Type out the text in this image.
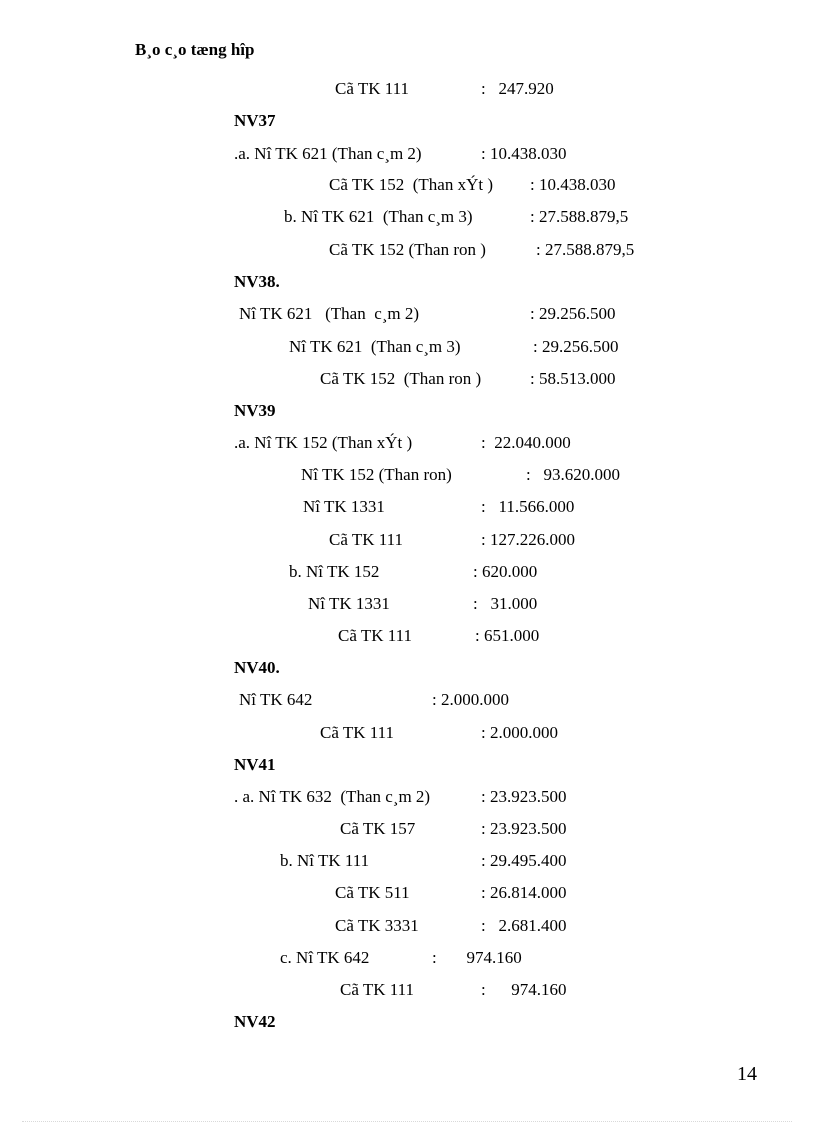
B¸o c¸o tæng hîp
Cã TK 111	:   247.920
NV37
.a. Nî TK 621 (Than c¸m 2)	: 10.438.030
Cã TK 152  (Than xÝt ) : 10.438.030
b. Nî TK 621  (Than c¸m 3)	: 27.588.879,5
Cã TK 152 (Than ron )	: 27.588.879,5
NV38.
Nî TK 621   (Than  c¸m 2)	: 29.256.500
Nî TK 621  (Than c¸m 3)	: 29.256.500
Cã TK 152  (Than ron )	: 58.513.000
NV39
.a. Nî TK 152 (Than xÝt )	:  22.040.000
Nî TK 152 (Than ron)	:   93.620.000
Nî TK 1331	:   11.566.000
Cã TK 111	: 127.226.000
b. Nî TK 152	: 620.000
Nî TK 1331	:   31.000
Cã TK 111	: 651.000
NV40.
Nî TK 642	: 2.000.000
Cã TK 111	: 2.000.000
NV41
. a. Nî TK 632  (Than c¸m 2)	: 23.923.500
Cã TK 157	: 23.923.500
b. Nî TK 111	: 29.495.400
Cã TK 511	: 26.814.000
Cã TK 3331	:   2.681.400
c. Nî TK 642	:       974.160
Cã TK 111	:      974.160
NV42
14
